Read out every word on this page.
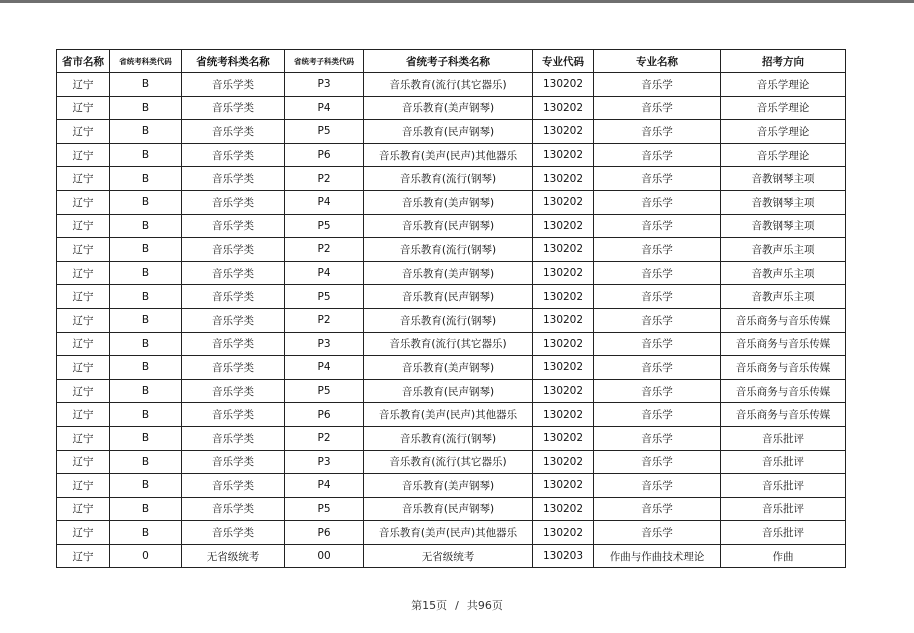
省市名称	省统考科类代码	省统考科类名称	省统考子科类代码	省统考子科类名称	专业代码	专业名称	招考方向
辽宁	B	音乐学类	P3	音乐教育(流行(其它器乐)	130202	音乐学	音乐学理论
辽宁	B	音乐学类	P4	音乐教育(美声钢琴)	130202	音乐学	音乐学理论
辽宁	B	音乐学类	P5	音乐教育(民声钢琴)	130202	音乐学	音乐学理论
辽宁	B	音乐学类	P6	音乐教育(美声(民声)其他器乐	130202	音乐学	音乐学理论
辽宁	B	音乐学类	P2	音乐教育(流行(钢琴)	130202	音乐学	音教钢琴主项
辽宁	B	音乐学类	P4	音乐教育(美声钢琴)	130202	音乐学	音教钢琴主项
辽宁	B	音乐学类	P5	音乐教育(民声钢琴)	130202	音乐学	音教钢琴主项
辽宁	B	音乐学类	P2	音乐教育(流行(钢琴)	130202	音乐学	音教声乐主项
辽宁	B	音乐学类	P4	音乐教育(美声钢琴)	130202	音乐学	音教声乐主项
辽宁	B	音乐学类	P5	音乐教育(民声钢琴)	130202	音乐学	音教声乐主项
辽宁	B	音乐学类	P2	音乐教育(流行(钢琴)	130202	音乐学	音乐商务与音乐传媒
辽宁	B	音乐学类	P3	音乐教育(流行(其它器乐)	130202	音乐学	音乐商务与音乐传媒
辽宁	B	音乐学类	P4	音乐教育(美声钢琴)	130202	音乐学	音乐商务与音乐传媒
辽宁	B	音乐学类	P5	音乐教育(民声钢琴)	130202	音乐学	音乐商务与音乐传媒
辽宁	B	音乐学类	P6	音乐教育(美声(民声)其他器乐	130202	音乐学	音乐商务与音乐传媒
辽宁	B	音乐学类	P2	音乐教育(流行(钢琴)	130202	音乐学	音乐批评
辽宁	B	音乐学类	P3	音乐教育(流行(其它器乐)	130202	音乐学	音乐批评
辽宁	B	音乐学类	P4	音乐教育(美声钢琴)	130202	音乐学	音乐批评
辽宁	B	音乐学类	P5	音乐教育(民声钢琴)	130202	音乐学	音乐批评
辽宁	B	音乐学类	P6	音乐教育(美声(民声)其他器乐	130202	音乐学	音乐批评
辽宁	0	无省级统考	00	无省级统考	130203	作曲与作曲技术理论	作曲
第15页 / 共96页
